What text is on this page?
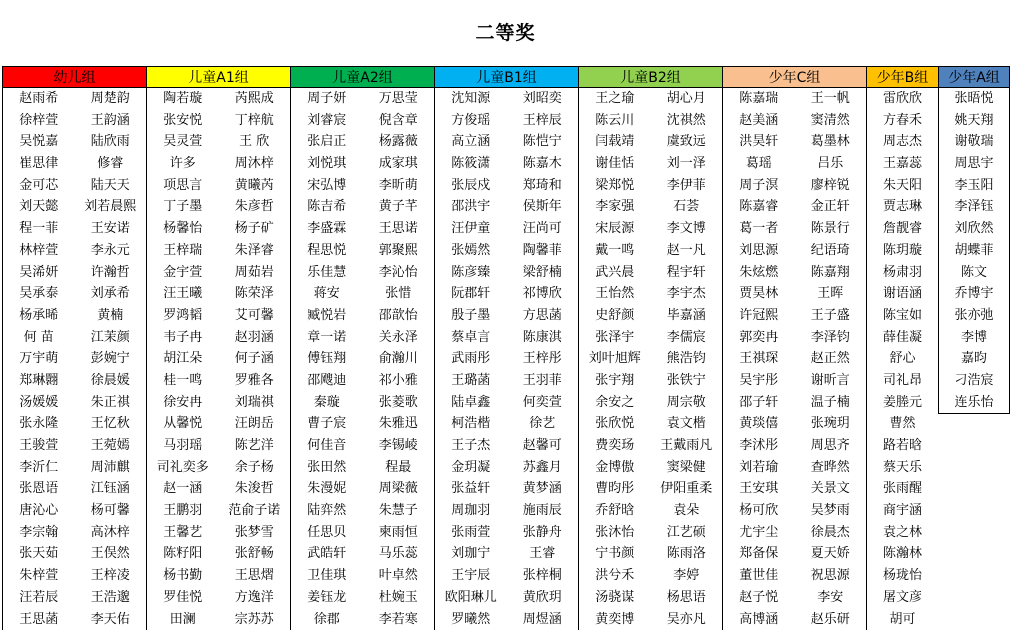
二等奖
幼儿组
赵雨希
徐梓萱
吴悦嘉
崔思律
金可芯
刘天懿
程一菲
林梓萱
吴浠妍
吴承泰
杨承晞
何 苗
万宇萌
郑琳翾
汤媛媛
张永隆
王骏萱
李沂仁
张恩语
唐沁心
李宗翰
张天茹
朱梓萱
汪若辰
王思菡
周楚韵
王韵涵
陆欣雨
修睿
陆天天
刘若晨熙
王安诺
李永元
许瀚哲
刘承希
黄楠
江茉颜
彭婉宁
徐晨媛
朱正祺
王忆秋
王菀嫣
周沛麒
江钰涵
杨可馨
高沐梓
王俣然
王梓凌
王浩邈
李天佑
儿童A1组
陶若璇
张安悦
吴灵萱
许多
项思言
丁子墨
杨馨怡
王梓瑞
金宇萱
汪王曦
罗鸿韬
韦子冉
胡江朵
桂一鸣
徐安冉
从馨悦
马羽瑶
司礼奕多
赵一涵
王鹏羽
王馨艺
陈籽阳
杨书勤
罗佳悦
田澜
芮熙成
丁梓航
王 欣
周沐梓
黄曦芮
朱彦哲
杨子矿
朱泽睿
周茹岩
陈荣泽
艾可馨
赵羽涵
何子涵
罗雅各
刘瑞祺
汪朗岳
陈艺洋
余子杨
朱浚哲
范俞子诺
张梦雪
张舒畅
王思熠
方逸洋
宗苏苏
儿童A2组
周子妍
刘睿宸
张启正
刘悦琪
宋弘博
陈吉希
李盛霖
程思悦
乐佳慧
蒋安
臧悦岩
章一诺
傅钰翔
邵飕迪
秦璇
曹子宸
何佳音
张田然
朱漫妮
陆弈然
任思贝
武皓轩
卫佳琪
姜钰龙
徐郡
万思莹
倪含章
杨露薇
成家琪
李昕萌
黄子芊
王思诺
郭聚熙
李沁怡
张惜
邵歆怡
关永泽
俞瀚川
祁小雅
张菱歌
朱雅迅
李锡崚
程最
周梁薇
朱慧子
柬雨恒
马乐蕊
叶卓然
杜婉玉
李若寒
儿童B1组
沈知源
方俊瑶
高立涵
陈筱潇
张辰戍
邵洪宇
汪伊童
张嫣然
陈彦臻
阮郡轩
殷子墨
蔡卓言
武雨彤
王璐菡
陆卓鑫
柯浩楷
王子杰
金玥凝
张益轩
周珈羽
张雨萱
刘珈宁
王宇辰
欧阳琳儿
罗曦然
刘昭奕
王梓辰
陈恺宁
陈嘉木
郑琦和
侯斯年
汪尚可
陶馨菲
梁舒楠
祁博欣
方思菡
陈康淇
王梓彤
王羽菲
何奕萱
徐艺
赵馨可
苏鑫月
黄梦涵
施雨辰
张静舟
王睿
张梓桐
黄欣玥
周煜涵
儿童B2组
王之瑜
陈云川
闫载靖
谢佳恬
梁郑悦
李家强
宋辰源
戴一鸣
武兴晨
王怡然
史舒颜
张泽宇
刘叶旭辉
张宇翔
余安之
张欣悦
费奕玚
金博傲
曹昀彤
乔舒晗
张沐怡
宁书颜
洪兮禾
汤骁谋
黄奕博
胡心月
沈祺然
虞致远
刘一泽
李伊菲
石荟
李文博
赵一凡
程宇轩
李宇杰
毕嘉涵
李儒宸
熊浩钧
张铁宁
周宗敬
袁文楷
王戴雨凡
窦梁健
伊阳重柔
袁朵
江艺硕
陈雨洛
李婷
杨思语
吴亦凡
少年C组
陈嘉瑞
赵美涵
洪昊轩
葛瑶
周子溟
陈嘉睿
葛一者
刘思源
朱炫燃
贾昊林
许冠熙
郭奕冉
王祺琛
吴宇彤
邵子轩
黄琰僖
李沭彤
刘若瑜
王安琪
杨可欣
尤宇尘
郑备保
董世佳
赵子悦
高博涵
王一帆
窦清然
葛墨林
吕乐
廖梓锐
金正轩
陈景行
纪语琦
陈嘉翔
王晖
王子盛
李泽钧
赵正然
谢昕言
温子楠
张琬玥
周思齐
查晔然
关景文
吴梦雨
徐晨杰
夏天娇
祝思源
李安
赵乐研
少年B组
雷欣欣
方春禾
周志杰
王嘉蕊
朱天阳
贾志琳
詹靓睿
陈玥璇
杨肃羽
谢语涵
陈宝如
薛佳凝
舒心
司礼昂
姜塍元
曹然
路若晗
蔡天乐
张雨醒
商宇涵
袁之林
陈瀚林
杨珑怡
屠文彦
胡可
少年A组
张晤悦
姚天翔
谢敬瑞
周思宇
李玉阳
李泽钰
刘欣然
胡蝶菲
陈文
乔博宇
张亦弛
李博
嘉昀
刁浩宸
连乐怡
